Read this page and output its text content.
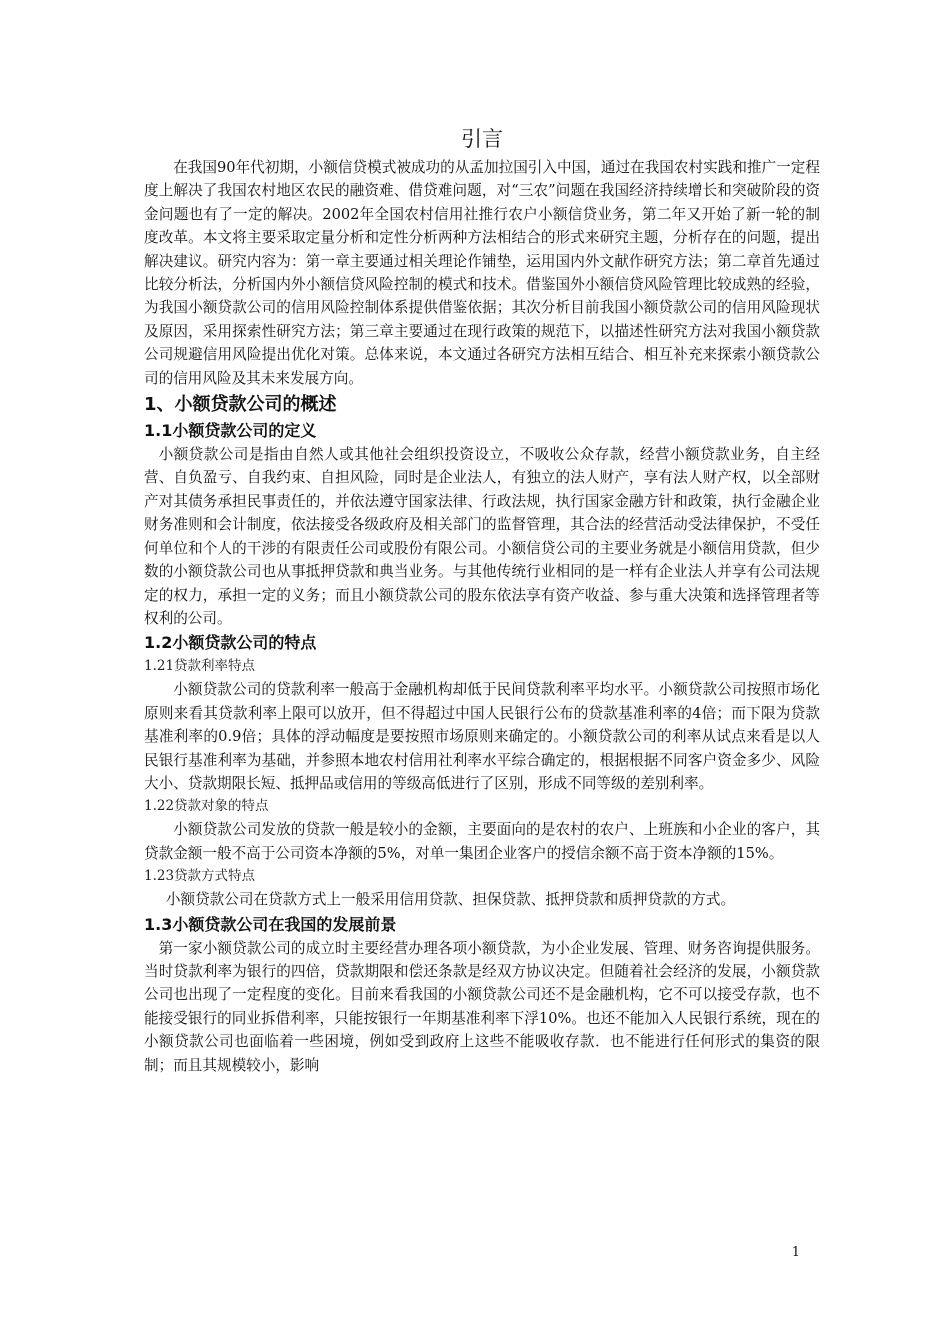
引言

在我国90年代初期，小额信贷模式被成功的从孟加拉国引入中国，通过在我国农村实践和推广一定程度上解决了我国农村地区农民的融资难、借贷难问题，对“三农”问题在我国经济持续增长和突破阶段的资金问题也有了一定的解决。2002年全国农村信用社推行农户小额信贷业务，第二年又开始了新一轮的制度改革。本文将主要采取定量分析和定性分析两种方法相结合的形式来研究主题，分析存在的问题，提出解决建议。研究内容为：第一章主要通过相关理论作铺垫，运用国内外文献作研究方法；第二章首先通过比较分析法，分析国内外小额信贷风险控制的模式和技术。借鉴国外小额信贷风险管理比较成熟的经验，为我国小额贷款公司的信用风险控制体系提供借鉴依据；其次分析目前我国小额贷款公司的信用风险现状及原因，采用探索性研究方法；第三章主要通过在现行政策的规范下，以描述性研究方法对我国小额贷款公司规避信用风险提出优化对策。总体来说，本文通过各研究方法相互结合、相互补充来探索小额贷款公司的信用风险及其未来发展方向。

1、小额贷款公司的概述
1.1小额贷款公司的定义

小额贷款公司是指由自然人或其他社会组织投资设立，不吸收公众存款，经营小额贷款业务，自主经营、自负盈亏、自我约束、自担风险，同时是企业法人，有独立的法人财产，享有法人财产权，以全部财产对其债务承担民事责任的，并依法遵守国家法律、行政法规，执行国家金融方针和政策，执行金融企业财务准则和会计制度，依法接受各级政府及相关部门的监督管理，其合法的经营活动受法律保护，不受任何单位和个人的干涉的有限责任公司或股份有限公司。小额信贷公司的主要业务就是小额信用贷款，但少数的小额贷款公司也从事抵押贷款和典当业务。与其他传统行业相同的是一样有企业法人并享有公司法规定的权力，承担一定的义务；而且小额贷款公司的股东依法享有资产收益、参与重大决策和选择管理者等权利的公司。

1.2小额贷款公司的特点
1.21贷款利率特点

小额贷款公司的贷款利率一般高于金融机构却低于民间贷款利率平均水平。小额贷款公司按照市场化原则来看其贷款利率上限可以放开，但不得超过中国人民银行公布的贷款基准利率的4倍；而下限为贷款基准利率的0.9倍；具体的浮动幅度是要按照市场原则来确定的。小额贷款公司的利率从试点来看是以人民银行基准利率为基础，并参照本地农村信用社利率水平综合确定的，根据根据不同客户资金多少、风险大小、贷款期限长短、抵押品或信用的等级高低进行了区别，形成不同等级的差别利率。

1.22贷款对象的特点

小额贷款公司发放的贷款一般是较小的金额，主要面向的是农村的农户、上班族和小企业的客户，其贷款金额一般不高于公司资本净额的5%，对单一集团企业客户的授信余额不高于资本净额的15%。

1.23贷款方式特点

小额贷款公司在贷款方式上一般采用信用贷款、担保贷款、抵押贷款和质押贷款的方式。

1.3小额贷款公司在我国的发展前景

第一家小额贷款公司的成立时主要经营办理各项小额贷款，为小企业发展、管理、财务咨询提供服务。当时贷款利率为银行的四倍，贷款期限和偿还条款是经双方协议决定。但随着社会经济的发展，小额贷款公司也出现了一定程度的变化。目前来看我国的小额贷款公司还不是金融机构，它不可以接受存款，也不能接受银行的同业拆借利率，只能按银行一年期基准利率下浮10%。也还不能加入人民银行系统，现在的小额贷款公司也面临着一些困境，例如受到政府上这些不能吸收存款．也不能进行任何形式的集资的限制；而且其规模较小，影响

1
